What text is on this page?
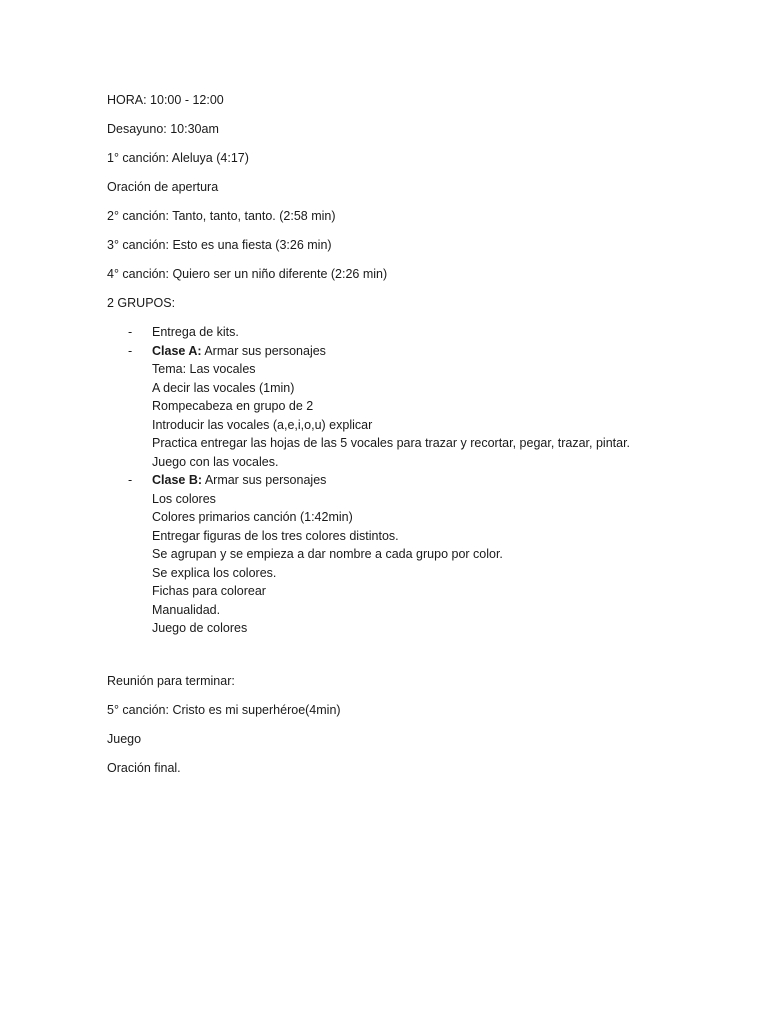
HORA: 10:00 - 12:00
Desayuno: 10:30am
1° canción: Aleluya (4:17)
Oración de apertura
2° canción: Tanto, tanto, tanto. (2:58 min)
3° canción: Esto es una fiesta (3:26 min)
4° canción: Quiero ser un niño diferente (2:26 min)
2 GRUPOS:
- Entrega de kits.
- Clase A: Armar sus personajes
Tema: Las vocales
A decir las vocales (1min)
Rompecabeza en grupo de 2
Introducir las vocales (a,e,i,o,u) explicar
Practica entregar las hojas de las 5 vocales para trazar y recortar, pegar, trazar, pintar.
Juego con las vocales.
- Clase B: Armar sus personajes
Los colores
Colores primarios canción (1:42min)
Entregar figuras de los tres colores distintos.
Se agrupan y se empieza a dar nombre a cada grupo por color.
Se explica los colores.
Fichas para colorear
Manualidad.
Juego de colores
Reunión para terminar:
5° canción: Cristo es mi superhéroe(4min)
Juego
Oración final.
